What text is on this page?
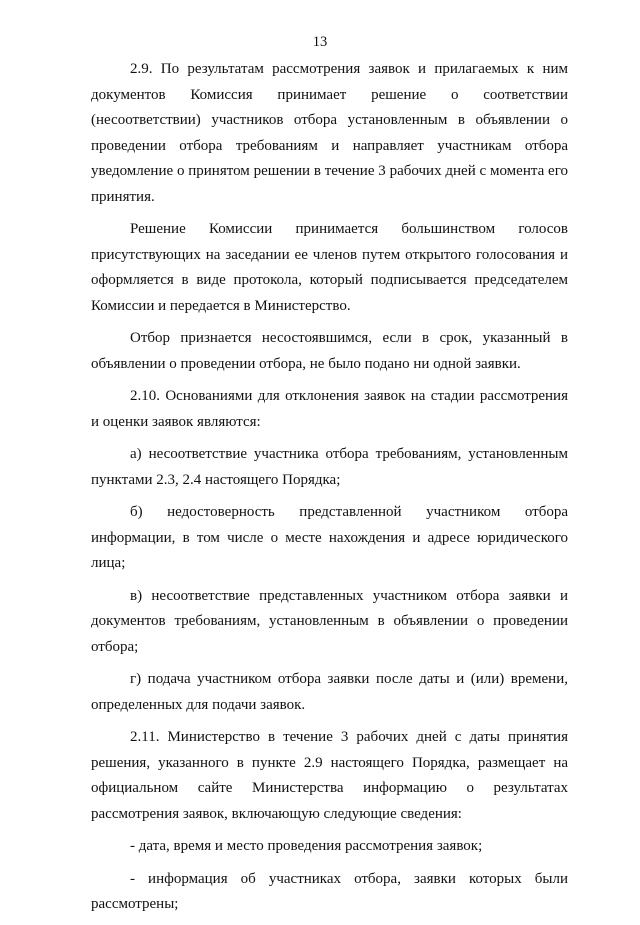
13

2.9. По результатам рассмотрения заявок и прилагаемых к ним документов Комиссия принимает решение о соответствии (несоответствии) участников отбора установленным в объявлении о проведении отбора требованиям и направляет участникам отбора уведомление о принятом решении в течение 3 рабочих дней с момента его принятия.

Решение Комиссии принимается большинством голосов присутствующих на заседании ее членов путем открытого голосования и оформляется в виде протокола, который подписывается председателем Комиссии и передается в Министерство.

Отбор признается несостоявшимся, если в срок, указанный в объявлении о проведении отбора, не было подано ни одной заявки.

2.10. Основаниями для отклонения заявок на стадии рассмотрения и оценки заявок являются:

а) несоответствие участника отбора требованиям, установленным пунктами 2.3, 2.4 настоящего Порядка;

б) недостоверность представленной участником отбора информации, в том числе о месте нахождения и адресе юридического лица;

в) несоответствие представленных участником отбора заявки и документов требованиям, установленным в объявлении о проведении отбора;

г) подача участником отбора заявки после даты и (или) времени, определенных для подачи заявок.

2.11. Министерство в течение 3 рабочих дней с даты принятия решения, указанного в пункте 2.9 настоящего Порядка, размещает на официальном сайте Министерства информацию о результатах рассмотрения заявок, включающую следующие сведения:

- дата, время и место проведения рассмотрения заявок;

- информация об участниках отбора, заявки которых были рассмотрены;
